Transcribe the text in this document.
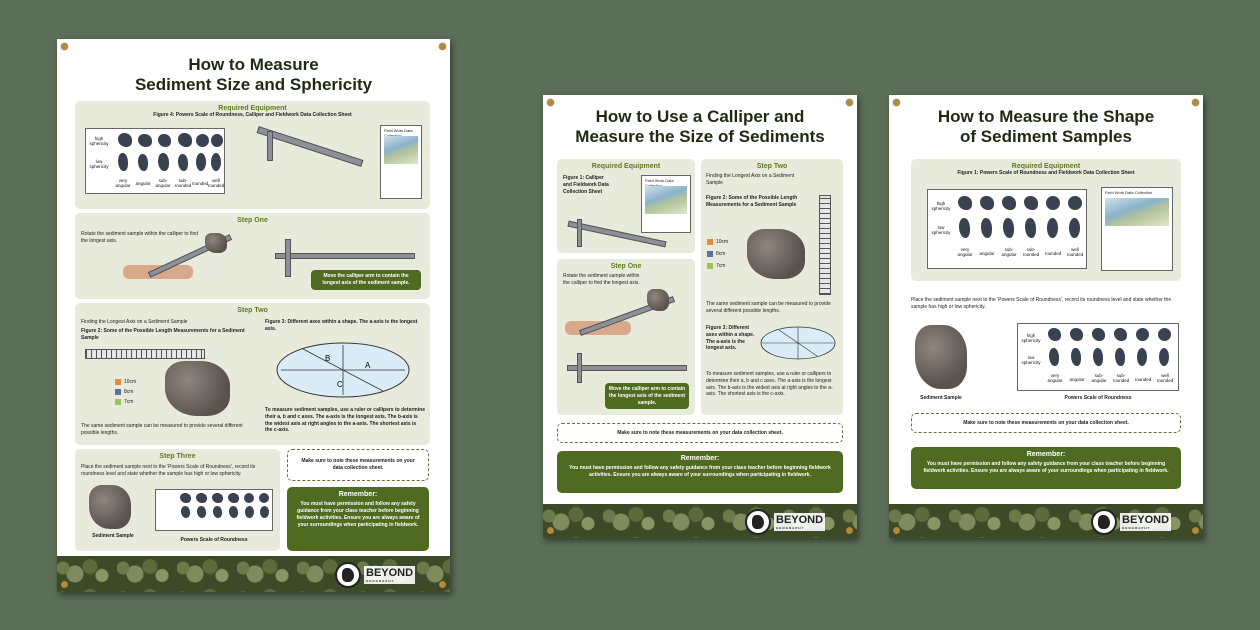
How to Measure
Sediment Size and Sphericity
Required Equipment
Figure 4: Powers Scale of Roundness, Calliper and Fieldwork Data Collection Sheet
high sphericity
low sphericity
very angular	angular
sub-angular
sub-rounded rounded
well rounded
Field Work Data
Step One
Rotate the sediment sample within the calliper to find the longest axis.
Move the calliper arm to contain the longest axis of the sediment sample.
Step Two
Finding the Longest Axis on a Sediment Sample
Figure 2: Some of the Possible Length Measurements for a Sediment Sample
10cm
8cm
7cm
The same sediment sample can be measured to provide several different possible lengths.
Figure 3: Different axes within a shape. The a-axis is the longest axis.
A
B
C
To measure sediment samples, use a ruler or callipers to determine their a, b and c axes. The a-axis is the longest axis. The b-axis is the widest axis at right angles to the a-axis. The shortest axis is the c-axis.
Step Three
Place the sediment sample next to the 'Powers Scale of Roundness', record its roundness level and state whether the sample has high or low sphericity.
Sediment Sample
Powers Scale of Roundness
Make sure to note these measurements on your data collection sheet.
Remember:
You must have permission and follow any safety guidance from your class teacher before beginning fieldwork activities. Ensure you are always aware of your surroundings when participating in fieldwork.
BEYOND
GEOGRAPHY
How to Use a Calliper and
Measure the Size of Sediments
Required Equipment
Figure 1: Calliper and Fieldwork Data Collection Sheet
Field Work Data
Step One
Rotate the sediment sample within the calliper to find the longest axis.
Move the calliper arm to contain the longest axis of the sediment sample.
Step Two
Finding the Longest Axis on a Sediment Sample
Figure 2: Some of the Possible Length Measurements for a Sediment Sample
10cm
8cm
7cm
The same sediment sample can be measured to provide several different possible lengths.
Figure 3: Different axes within a shape. The a-axis is the longest axis.
To measure sediment samples, use a ruler or callipers to determine their a, b and c axes. The a-axis is the longest axis. The b-axis is the widest axis at right angles to the a-axis. The shortest axis is the c-axis.
Make sure to note these measurements on your data collection sheet.
Remember:
You must have permission and follow any safety guidance from your class teacher before beginning fieldwork activities. Ensure you are always aware of your surroundings when participating in fieldwork.
BEYOND
GEOGRAPHY
How to Measure the Shape
of Sediment Samples
Required Equipment
Figure 1: Powers Scale of Roundness and Fieldwork Data Collection Sheet
high sphericity
low sphericity
very angular	angular
sub-angular
sub-rounded	rounded
well rounded
Field Work Data Collection
Place the sediment sample next to the 'Powers Scale of Roundness', record its roundness level and state whether the sample has high or low sphericity.
Sediment Sample
high sphericity
low sphericity
very angular	angular
sub-angular
sub-rounded	rounded
well rounded
Powers Scale of Roundness
Make sure to note these measurements on your data collection sheet.
Remember:
You must have permission and follow any safety guidance from your class teacher before beginning fieldwork activities. Ensure you are always aware of your surroundings when participating in fieldwork.
BEYOND
GEOGRAPHY
